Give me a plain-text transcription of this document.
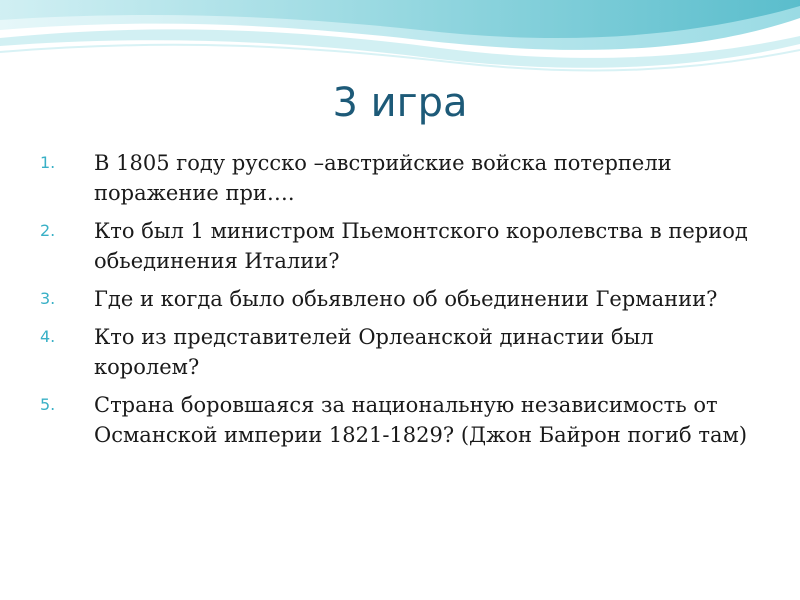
3 игра
1. В 1805 году русско –австрийские войска потерпели поражение при….
2. Кто был 1 министром Пьемонтского королевства в период обьединения Италии?
3. Где и когда было обьявлено об обьединении Германии?
4. Кто из представителей Орлеанской династии был королем?
5. Страна боровшаяся за национальную независимость от Османской империи 1821-1829? (Джон Байрон погиб там)
